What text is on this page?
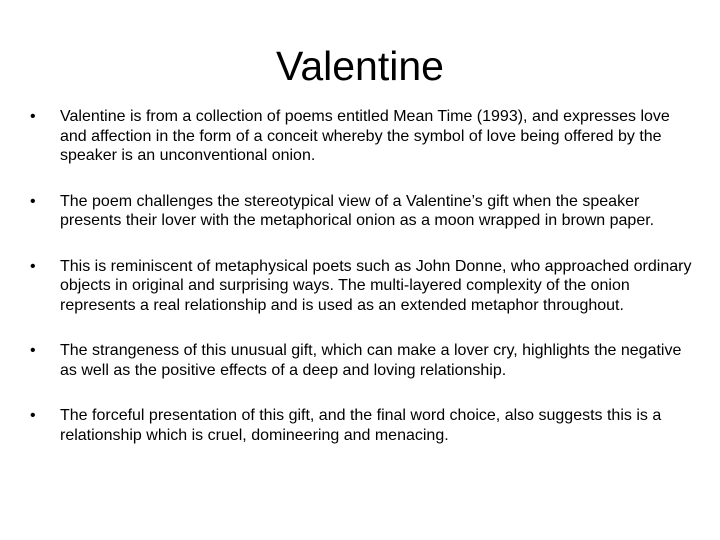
Valentine
•	Valentine is from a collection of poems entitled Mean Time (1993), and expresses love and affection in the form of a conceit whereby the symbol of love being offered by the speaker is an unconventional onion.
•	The poem challenges the stereotypical view of a Valentine’s gift when the speaker presents their lover with the metaphorical onion as a moon wrapped in brown paper.
•	This is reminiscent of metaphysical poets such as John Donne, who approached ordinary objects in original and surprising ways. The multi-layered complexity of the onion represents a real relationship and is used as an extended metaphor throughout.
•	The strangeness of this unusual gift, which can make a lover cry, highlights the negative as well as the positive effects of a deep and loving relationship.
•	The forceful presentation of this gift, and the final word choice, also suggests this is a relationship which is cruel, domineering and menacing.
